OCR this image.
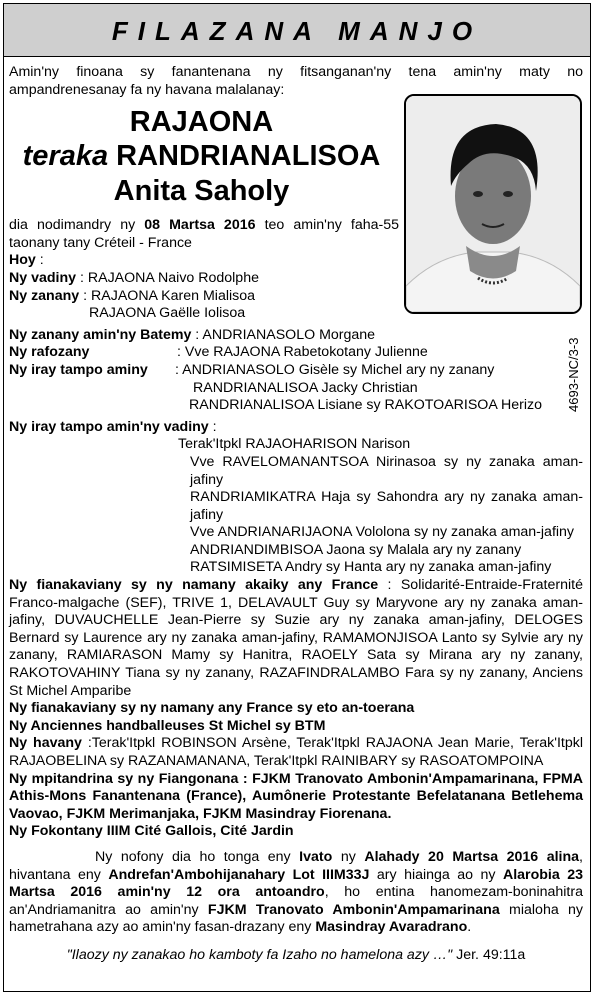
FILAZANA MANJO
4693-NC/3-3

Amin'ny finoana sy fanantenana ny fitsanganan'ny tena amin'ny maty no ampandrenesanay fa ny havana malalanay:

RAJAONA
teraka RANDRIANALISOA
Anita Saholy

dia nodimandry ny 08 Martsa 2016 teo amin'ny faha-55 taonany tany Créteil - France

Hoy :

Ny vadiny : RAJAONA Naivo Rodolphe

Ny zanany : RAJAONA Karen Mialisoa

RAJAONA Gaëlle Iolisoa

Ny zanany amin'ny Batemy : ANDRIANASOLO Morgane

Ny rafozany	: Vve RAJAONA Rabetokotany Julienne
Ny iray tampo aminy	: ANDRIANASOLO Gisèle sy Michel ary ny zanany

RANDRIANALISOA Jacky Christian

RANDRIANALISOA Lisiane sy RAKOTOARISOA Herizo

Ny iray tampo amin'ny vadiny :

Terak'Itpkl RAJAOHARISON Narison

Vve RAVELOMANANTSOA Nirinasoa sy ny zanaka aman-jafiny

RANDRIAMIKATRA Haja sy Sahondra ary ny zanaka aman-jafiny

Vve ANDRIANARIJAONA Vololona sy ny zanaka aman-jafiny

ANDRIANDIMBISOA Jaona sy Malala ary ny zanany

RATSIMISETA Andry sy Hanta ary ny zanaka aman-jafiny

Ny fianakaviany sy ny namany akaiky any France : Solidarité-Entraide-Fraternité Franco-malgache (SEF), TRIVE 1, DELAVAULT Guy sy Maryvone ary ny zanaka aman-jafiny, DUVAUCHELLE Jean-Pierre sy Suzie ary ny zanaka aman-jafiny, DELOGES Bernard sy Laurence ary ny zanaka aman-jafiny, RAMAMONJISOA Lanto sy Sylvie ary ny zanany, RAMIARASON Mamy sy Hanitra, RAOELY Sata sy Mirana ary ny zanany, RAKOTOVAHINY Tiana sy ny zanany, RAZAFINDRALAMBO Fara sy ny zanany, Anciens St Michel Amparibe

Ny fianakaviany sy ny namany any France sy eto an-toerana

Ny Anciennes handballeuses St Michel sy BTM

Ny havany :Terak'Itpkl ROBINSON Arsène, Terak'Itpkl RAJAONA Jean Marie, Terak'Itpkl RAJAOBELINA sy RAZANAMANANA, Terak'Itpkl RAINIBARY sy RASOATOMPOINA

Ny mpitandrina sy ny Fiangonana : FJKM Tranovato Ambonin'Ampamarinana, FPMA Athis-Mons Fanantenana (France), Aumônerie Protestante Befelatanana Betlehema Vaovao, FJKM Merimanjaka, FJKM Masindray Fiorenana.

Ny Fokontany IIIM Cité Gallois, Cité Jardin

Ny nofony dia ho tonga eny Ivato ny Alahady 20 Martsa 2016 alina, hivantana eny Andrefan'Ambohijanahary Lot IIIM33J ary hiainga ao ny Alarobia 23 Martsa 2016 amin'ny 12 ora antoandro, ho entina hanomezam-boninahitra an'Andriamanitra ao amin'ny FJKM Tranovato Ambonin'Ampamarinana mialoha ny hametrahana azy ao amin'ny fasan-drazany eny Masindray Avaradrano.

"Ilaozy ny zanakao ho kamboty fa Izaho no hamelona azy …" Jer. 49:11a
